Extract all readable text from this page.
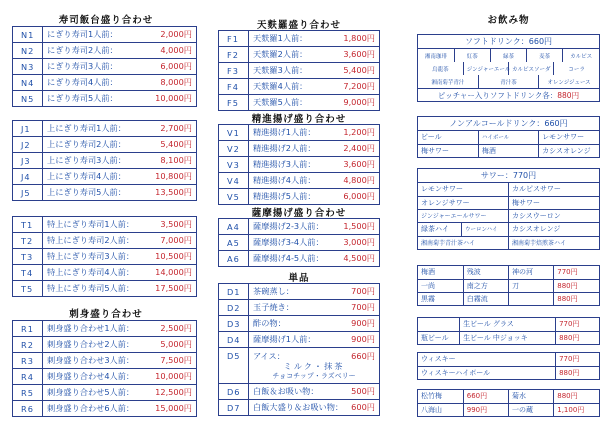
寿司飯台盛り合わせ
N1	にぎり寿司1人前：	2,000円
N2	にぎり寿司2人前：	4,000円
N3	にぎり寿司3人前：	6,000円
N4	にぎり寿司4人前：	8,000円
N5	にぎり寿司5人前：	10,000円
J1	上にぎり寿司1人前：	2,700円
J2	上にぎり寿司2人前：	5,400円
J3	上にぎり寿司3人前：	8,100円
J4	上にぎり寿司4人前：	10,800円
J5	上にぎり寿司5人前：	13,500円
T1	特上にぎり寿司1人前：	3,500円
T2	特上にぎり寿司2人前：	7,000円
T3	特上にぎり寿司3人前：	10,500円
T4	特上にぎり寿司4人前：	14,000円
T5	特上にぎり寿司5人前：	17,500円
刺身盛り合わせ
R1	刺身盛り合わせ1人前：	2,500円
R2	刺身盛り合わせ2人前：	5,000円
R3	刺身盛り合わせ3人前：	7,500円
R4	刺身盛り合わせ4人前：	10,000円
R5	刺身盛り合わせ5人前：	12,500円
R6	刺身盛り合わせ6人前：	15,000円
天麩羅盛り合わせ
F1	天麩羅1人前：	1,800円
F2	天麩羅2人前：	3,600円
F3	天麩羅3人前：	5,400円
F4	天麩羅4人前：	7,200円
F5	天麩羅5人前：	9,000円
精進揚げ盛り合わせ
V1	精進揚げ1人前：	1,200円
V2	精進揚げ2人前：	2,400円
V3	精進揚げ3人前：	3,600円
V4	精進揚げ4人前：	4,800円
V5	精進揚げ5人前：	6,000円
薩摩揚げ盛り合わせ
A4	薩摩揚げ2-3人前：	1,500円
A5	薩摩揚げ3-4人前：	3,000円
A6	薩摩揚げ4-5人前：	4,500円
単品
D1	茶碗蒸し：	700円
D2	玉子焼き：	700円
D3	酢の物：	900円
D4	薩摩揚げ1人前：	900円
D5	アイス： 660円
ミルク・抹茶
チョコチップ・ラズベリー	

D6	白飯＆お吸い物：	500円
D7	白飯大盛り＆お吸い物：	600円
お飲み物
ソフトドリンク：660円
湘南珈琲	紅茶	緑茶	麦茶	カルピス
烏龍茶	ジンジャーエール	カルピスソーダ	コーラ
湘南菊芋青汁	青汁茶	オレンジジュース
ピッチャー入りソフトドリンク各：880円
ノンアルコールドリンク：660円
ビール	ハイボール	レモンサワー
梅サワー	梅酒	カシスオレンジ
サワー：770円
レモンサワー	カルピスサワー
オレンジサワー	梅サワー
ジンジャーエールサワー	カシスウーロン
緑茶ハイ	ウーロンハイ	カシスオレンジ
湘南菊芋青汁茶ハイ	湘南菊芋焙煎茶ハイ
梅酒	残波	神の河	770円
一尚	南之方	刀	880円
黒霧	白霧流		880円
	生ビール グラス	770円
瓶ビール	生ビール 中ジョッキ	880円
ウィスキー	770円
ウィスキーハイボール	880円
松竹梅	660円	菊水	880円
八海山	990円	一の蔵	1,100円
